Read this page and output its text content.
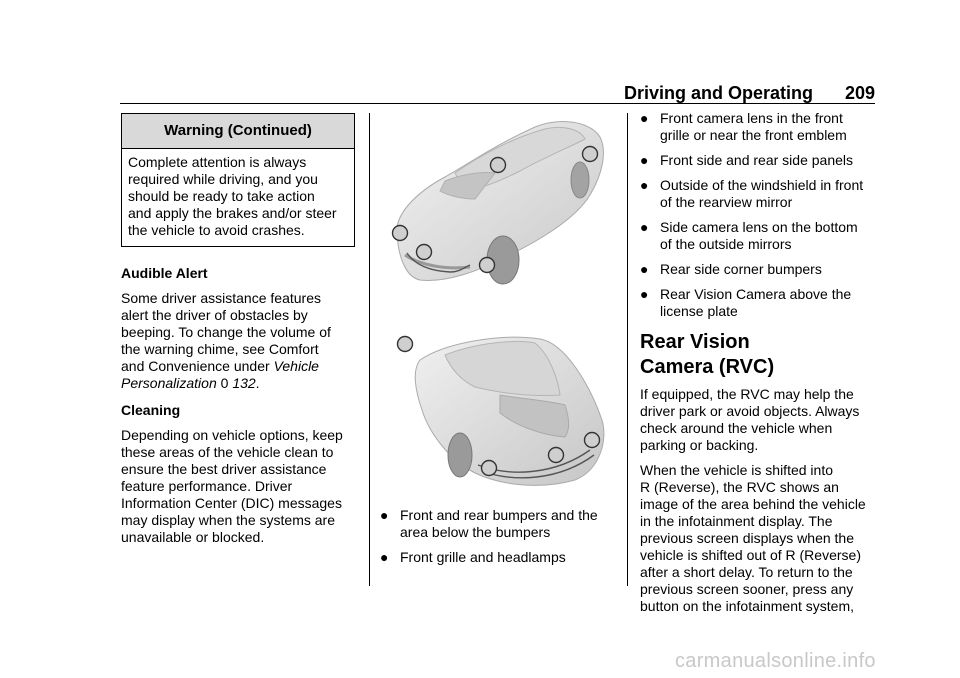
Driving and Operating 209
Warning (Continued)

Complete attention is always

required while driving, and you

should be ready to take action

and apply the brakes and/or steer

the vehicle to avoid crashes.

Audible Alert

Some driver assistance features

alert the driver of obstacles by

beeping. To change the volume of

the warning chime, see Comfort

and Convenience under Vehicle

Personalization 0 132.

Cleaning

Depending on vehicle options, keep

these areas of the vehicle clean to

ensure the best driver assistance

feature performance. Driver

Information Center (DIC) messages

may display when the systems are

unavailable or blocked.

● Front and rear bumpers and the

area below the bumpers

● Front grille and headlamps

● Front camera lens in the front

grille or near the front emblem

● Front side and rear side panels

● Outside of the windshield in front

of the rearview mirror

● Side camera lens on the bottom

of the outside mirrors

● Rear side corner bumpers

● Rear Vision Camera above the

license plate

Rear Vision

Camera (RVC)

If equipped, the RVC may help the

driver park or avoid objects. Always

check around the vehicle when

parking or backing.

When the vehicle is shifted into

R (Reverse), the RVC shows an

image of the area behind the vehicle

in the infotainment display. The

previous screen displays when the

vehicle is shifted out of R (Reverse)

after a short delay. To return to the

previous screen sooner, press any

button on the infotainment system,

carmanualsonline.info
